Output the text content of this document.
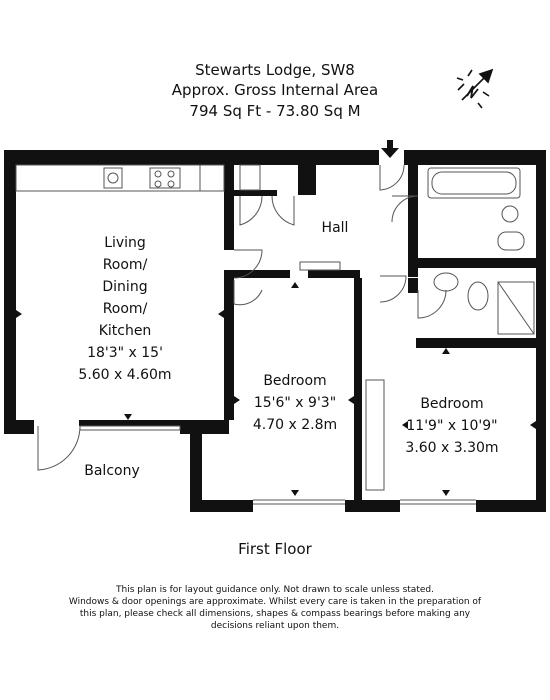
Stewarts Lodge, SW8
Approx. Gross Internal Area
794 Sq Ft - 73.80 Sq M
Living
Room/
Dining
Room/
Kitchen
18'3" x 15'
5.60 x 4.60m
Hall
Bedroom
15'6" x 9'3"
4.70 x 2.8m
Bedroom
11'9" x 10'9"
3.60 x 3.30m
Balcony
First Floor
This plan is for layout guidance only. Not drawn to scale unless stated.
Windows & door openings are approximate. Whilst every care is taken in the preparation of
this plan, please check all dimensions, shapes & compass bearings before making any
decisions reliant upon them.
